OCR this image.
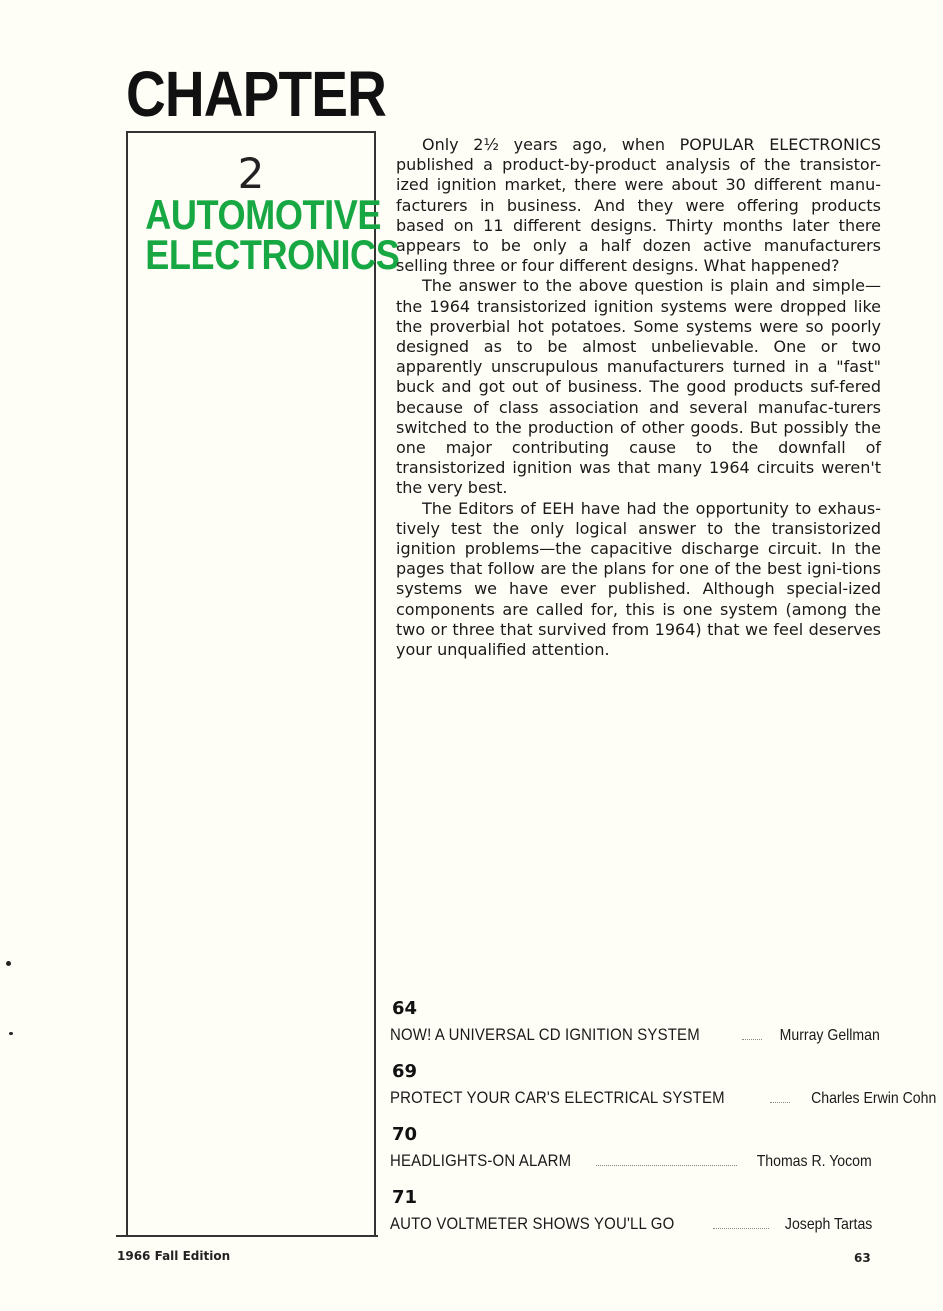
CHAPTER
2
AUTOMOTIVE
ELECTRONICS

Only 2½ years ago, when POPULAR ELECTRONICS published a product-by-product analysis of the transistor-ized ignition market, there were about 30 different manu-facturers in business. And they were offering products based on 11 different designs. Thirty months later there appears to be only a half dozen active manufacturers selling three or four different designs. What happened?

The answer to the above question is plain and simple—the 1964 transistorized ignition systems were dropped like the proverbial hot potatoes. Some systems were so poorly designed as to be almost unbelievable. One or two apparently unscrupulous manufacturers turned in a "fast" buck and got out of business. The good products suf-fered because of class association and several manufac-turers switched to the production of other goods. But possibly the one major contributing cause to the downfall of transistorized ignition was that many 1964 circuits weren't the very best.

The Editors of EEH have had the opportunity to exhaus-tively test the only logical answer to the transistorized ignition problems—the capacitive discharge circuit. In the pages that follow are the plans for one of the best igni-tions systems we have ever published. Although special-ized components are called for, this is one system (among the two or three that survived from 1964) that we feel deserves your unqualified attention.

64
NOW! A UNIVERSAL CD IGNITION SYSTEM	Murray Gellman
69
PROTECT YOUR CAR'S ELECTRICAL SYSTEM	Charles Erwin Cohn
70
HEADLIGHTS-ON ALARM	Thomas R. Yocom
71
AUTO VOLTMETER SHOWS YOU'LL GO	Joseph Tartas
1966 Fall Edition	63
